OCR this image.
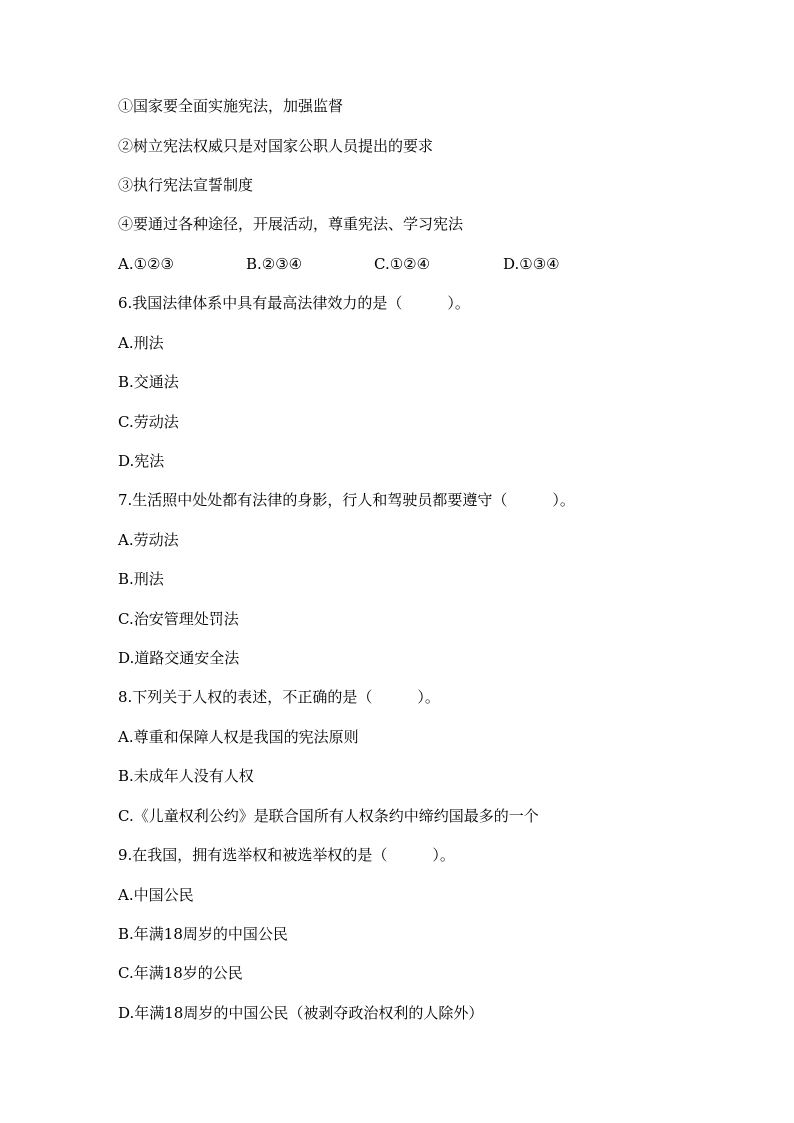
①国家要全面实施宪法，加强监督
②树立宪法权威只是对国家公职人员提出的要求
③执行宪法宣誓制度
④要通过各种途径，开展活动，尊重宪法、学习宪法
A.①②③	B.②③④	C.①②④	D.①③④
6.我国法律体系中具有最高法律效力的是（　　　）。
A.刑法
B.交通法
C.劳动法
D.宪法
7.生活照中处处都有法律的身影，行人和驾驶员都要遵守（　　　）。
A.劳动法
B.刑法
C.治安管理处罚法
D.道路交通安全法
8.下列关于人权的表述，不正确的是（　　　）。
A.尊重和保障人权是我国的宪法原则
B.未成年人没有人权
C.《儿童权利公约》是联合国所有人权条约中缔约国最多的一个
9.在我国，拥有选举权和被选举权的是（　　　）。
A.中国公民
B.年满18周岁的中国公民
C.年满18岁的公民
D.年满18周岁的中国公民（被剥夺政治权利的人除外）
